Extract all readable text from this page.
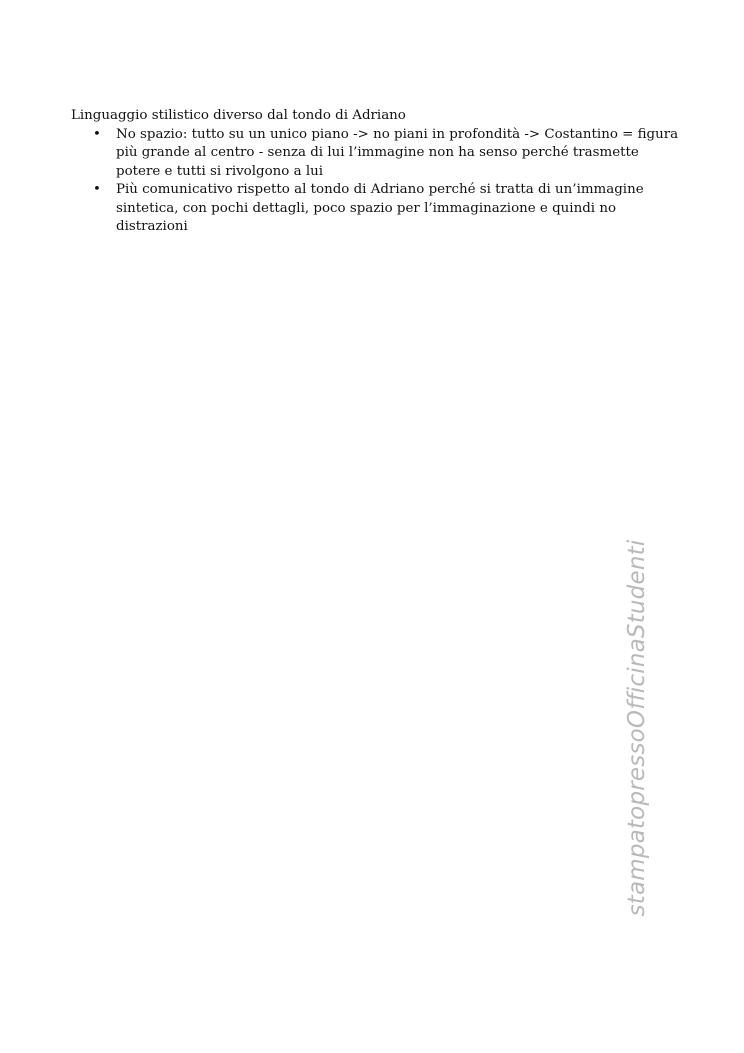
Linguaggio stilistico diverso dal tondo di Adriano

• No spazio: tutto su un unico piano -> no piani in profondità -> Costantino = figura
più grande al centro - senza di lui l’immagine non ha senso perché trasmette
potere e tutti si rivolgono a lui
• Più comunicativo rispetto al tondo di Adriano perché si tratta di un’immagine
sintetica, con pochi dettagli, poco spazio per l’immaginazione e quindi no
distrazioni
stampatopressoOfficinaStudenti
